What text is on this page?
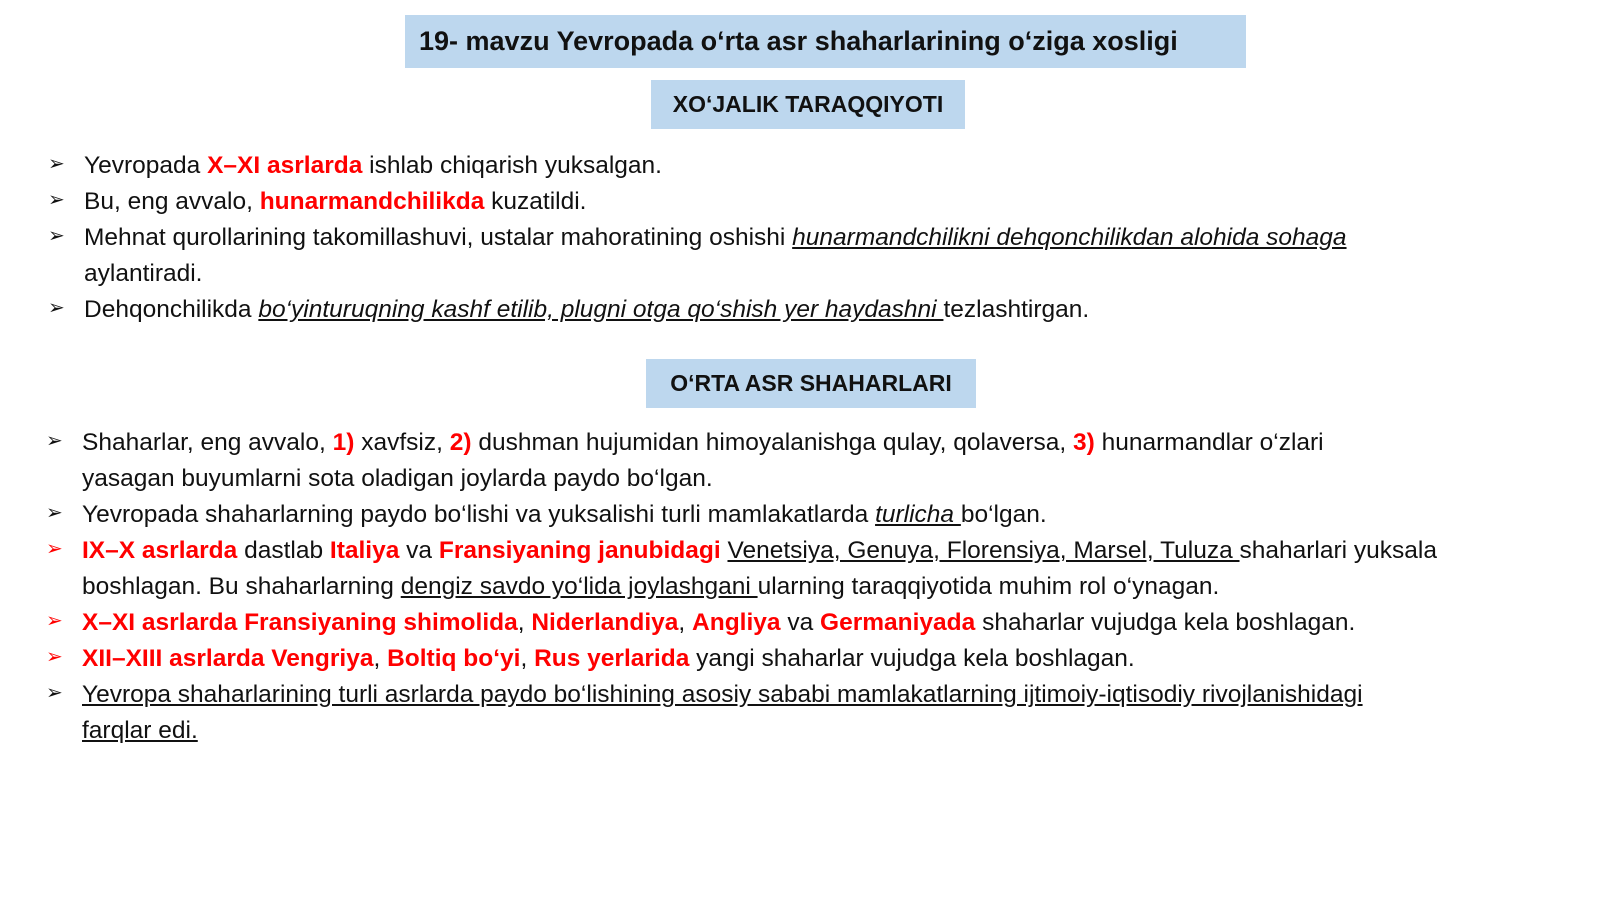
19- mavzu Yevropada o‘rta asr shaharlarining o‘ziga xosligi
XO‘JALIK TARAQQIYOTI
➢ Yevropada X–XI asrlarda ishlab chiqarish yuksalgan.
➢ Bu, eng avvalo, hunarmandchilikda kuzatildi.
➢ Mehnat qurollarining takomillashuvi, ustalar mahoratining oshishi hunarmandchilikni dehqonchilikdan alohida sohaga
aylantiradi.
➢ Dehqonchilikda bo‘yinturuqning kashf etilib, plugni otga qo‘shish yer haydashni tezlashtirgan.
O‘RTA ASR SHAHARLARI
➢ Shaharlar, eng avvalo, 1) xavfsiz, 2) dushman hujumidan himoyalanishga qulay, qolaversa, 3) hunarmandlar o‘zlari
yasagan buyumlarni sota oladigan joylarda paydo bo‘lgan.
➢ Yevropada shaharlarning paydo bo‘lishi va yuksalishi turli mamlakatlarda turlicha bo‘lgan.
➢ IX–X asrlarda dastlab Italiya va Fransiyaning janubidagi Venetsiya, Genuya, Florensiya, Marsel, Tuluza shaharlari yuksala
boshlagan. Bu shaharlarning dengiz savdo yo‘lida joylashgani ularning taraqqiyotida muhim rol o‘ynagan.
➢ X–XI asrlarda Fransiyaning shimolida, Niderlandiya, Angliya va Germaniyada shaharlar vujudga kela boshlagan.
➢ XII–XIII asrlarda Vengriya, Boltiq bo‘yi, Rus yerlarida yangi shaharlar vujudga kela boshlagan.
➢ Yevropa shaharlarining turli asrlarda paydo bo‘lishining asosiy sababi mamlakatlarning ijtimoiy-iqtisodiy rivojlanishidagi
farqlar edi.
